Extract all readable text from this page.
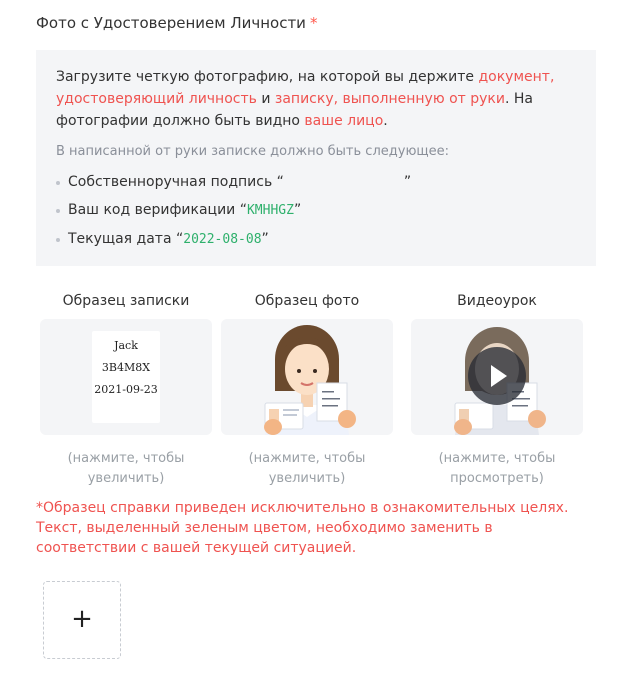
Фото с Удостоверением Личности *
Загрузите четкую фотографию, на которой вы держите документ, удостоверяющий личность и записку, выполненную от руки. На фотографии должно быть видно ваше лицо.
В написанной от руки записке должно быть следующее:
Собственноручная подпись “	”
Ваш код верификации “KMHHGZ”
Текущая дата “2022-08-08”
Образец записки
Jack
3B4M8X
2021-09-23
(нажмите, чтобы увеличить)
Образец фото
(нажмите, чтобы увеличить)
Видеоурок
(нажмите, чтобы просмотреть)
*Образец справки приведен исключительно в ознакомительных целях. Текст, выделенный зеленым цветом, необходимо заменить в соответствии с вашей текущей ситуацией.
+
